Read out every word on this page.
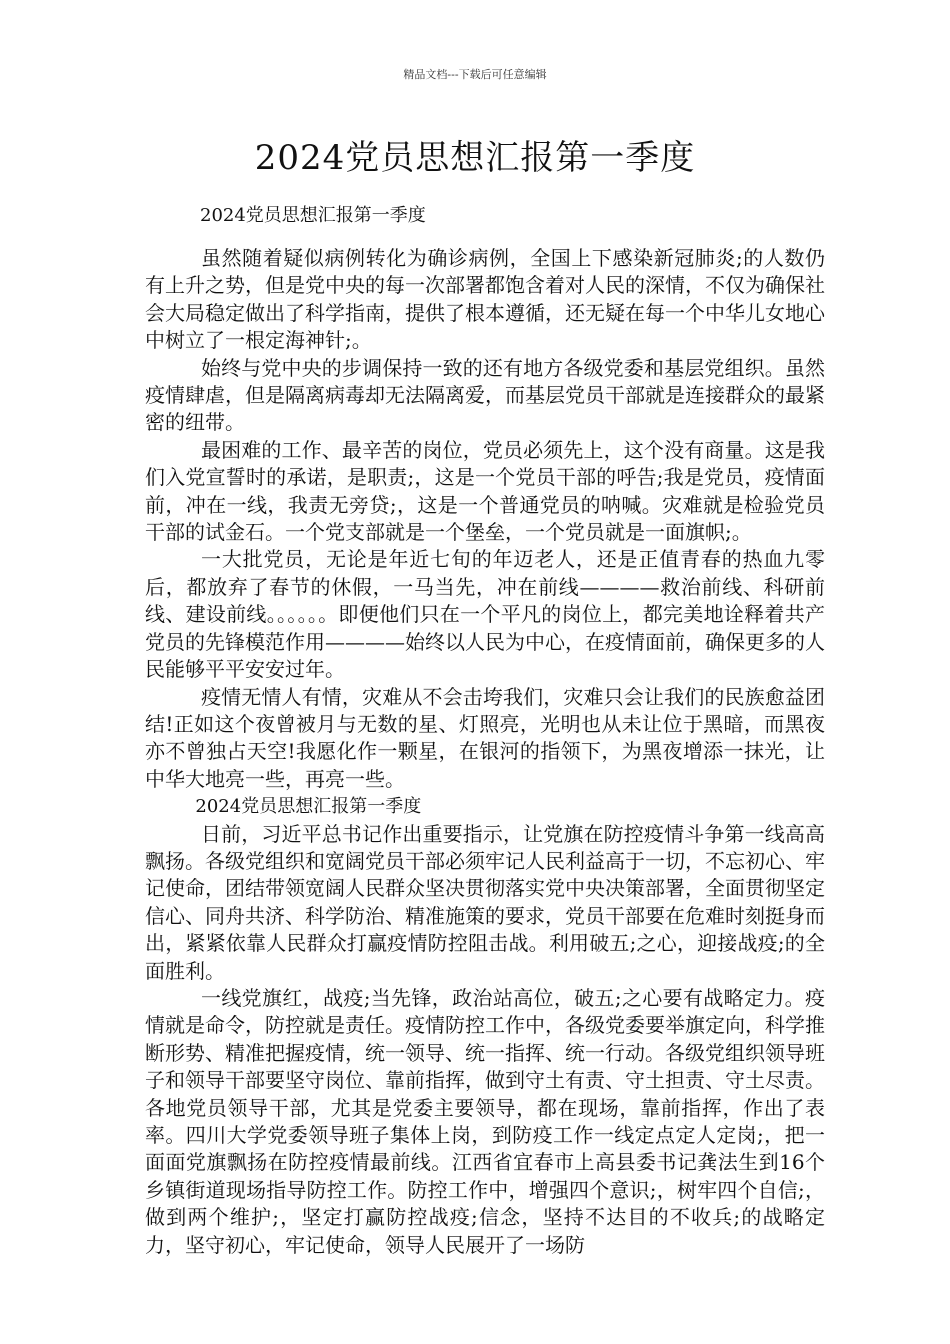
精品文档---下载后可任意编辑
2024党员思想汇报第一季度
2024党员思想汇报第一季度

虽然随着疑似病例转化为确诊病例，全国上下感染新冠肺炎;的人数仍有上升之势，但是党中央的每一次部署都饱含着对人民的深情，不仅为确保社会大局稳定做出了科学指南，提供了根本遵循，还无疑在每一个中华儿女地心中树立了一根定海神针;。

始终与党中央的步调保持一致的还有地方各级党委和基层党组织。虽然疫情肆虐，但是隔离病毒却无法隔离爱，而基层党员干部就是连接群众的最紧密的纽带。

最困难的工作、最辛苦的岗位，党员必须先上，这个没有商量。这是我们入党宣誓时的承诺，是职责;，这是一个党员干部的呼告;我是党员，疫情面前，冲在一线，我责无旁贷;，这是一个普通党员的呐喊。灾难就是检验党员干部的试金石。一个党支部就是一个堡垒，一个党员就是一面旗帜;。

一大批党员，无论是年近七旬的年迈老人，还是正值青春的热血九零后，都放弃了春节的休假，一马当先，冲在前线————救治前线、科研前线、建设前线。。。。。。即便他们只在一个平凡的岗位上，都完美地诠释着共产党员的先锋模范作用————始终以人民为中心，在疫情面前，确保更多的人民能够平平安安过年。

疫情无情人有情，灾难从不会击垮我们，灾难只会让我们的民族愈益团结!正如这个夜曾被月与无数的星、灯照亮，光明也从未让位于黑暗，而黑夜亦不曾独占天空!我愿化作一颗星，在银河的指领下，为黑夜增添一抹光，让中华大地亮一些，再亮一些。

2024党员思想汇报第一季度

日前，习近平总书记作出重要指示，让党旗在防控疫情斗争第一线高高飘扬。各级党组织和宽阔党员干部必须牢记人民利益高于一切，不忘初心、牢记使命，团结带领宽阔人民群众坚决贯彻落实党中央决策部署，全面贯彻坚定信心、同舟共济、科学防治、精准施策的要求，党员干部要在危难时刻挺身而出，紧紧依靠人民群众打赢疫情防控阻击战。利用破五;之心，迎接战疫;的全面胜利。

一线党旗红，战疫;当先锋，政治站高位，破五;之心要有战略定力。疫情就是命令，防控就是责任。疫情防控工作中，各级党委要举旗定向，科学推断形势、精准把握疫情，统一领导、统一指挥、统一行动。各级党组织领导班子和领导干部要坚守岗位、靠前指挥，做到守土有责、守土担责、守土尽责。各地党员领导干部，尤其是党委主要领导，都在现场，靠前指挥，作出了表率。四川大学党委领导班子集体上岗，到防疫工作一线定点定人定岗;，把一面面党旗飘扬在防控疫情最前线。江西省宜春市上高县委书记龚法生到16个乡镇街道现场指导防控工作。防控工作中，增强四个意识;，树牢四个自信;，做到两个维护;，坚定打赢防控战疫;信念，坚持不达目的不收兵;的战略定力，坚守初心，牢记使命，领导人民展开了一场防
